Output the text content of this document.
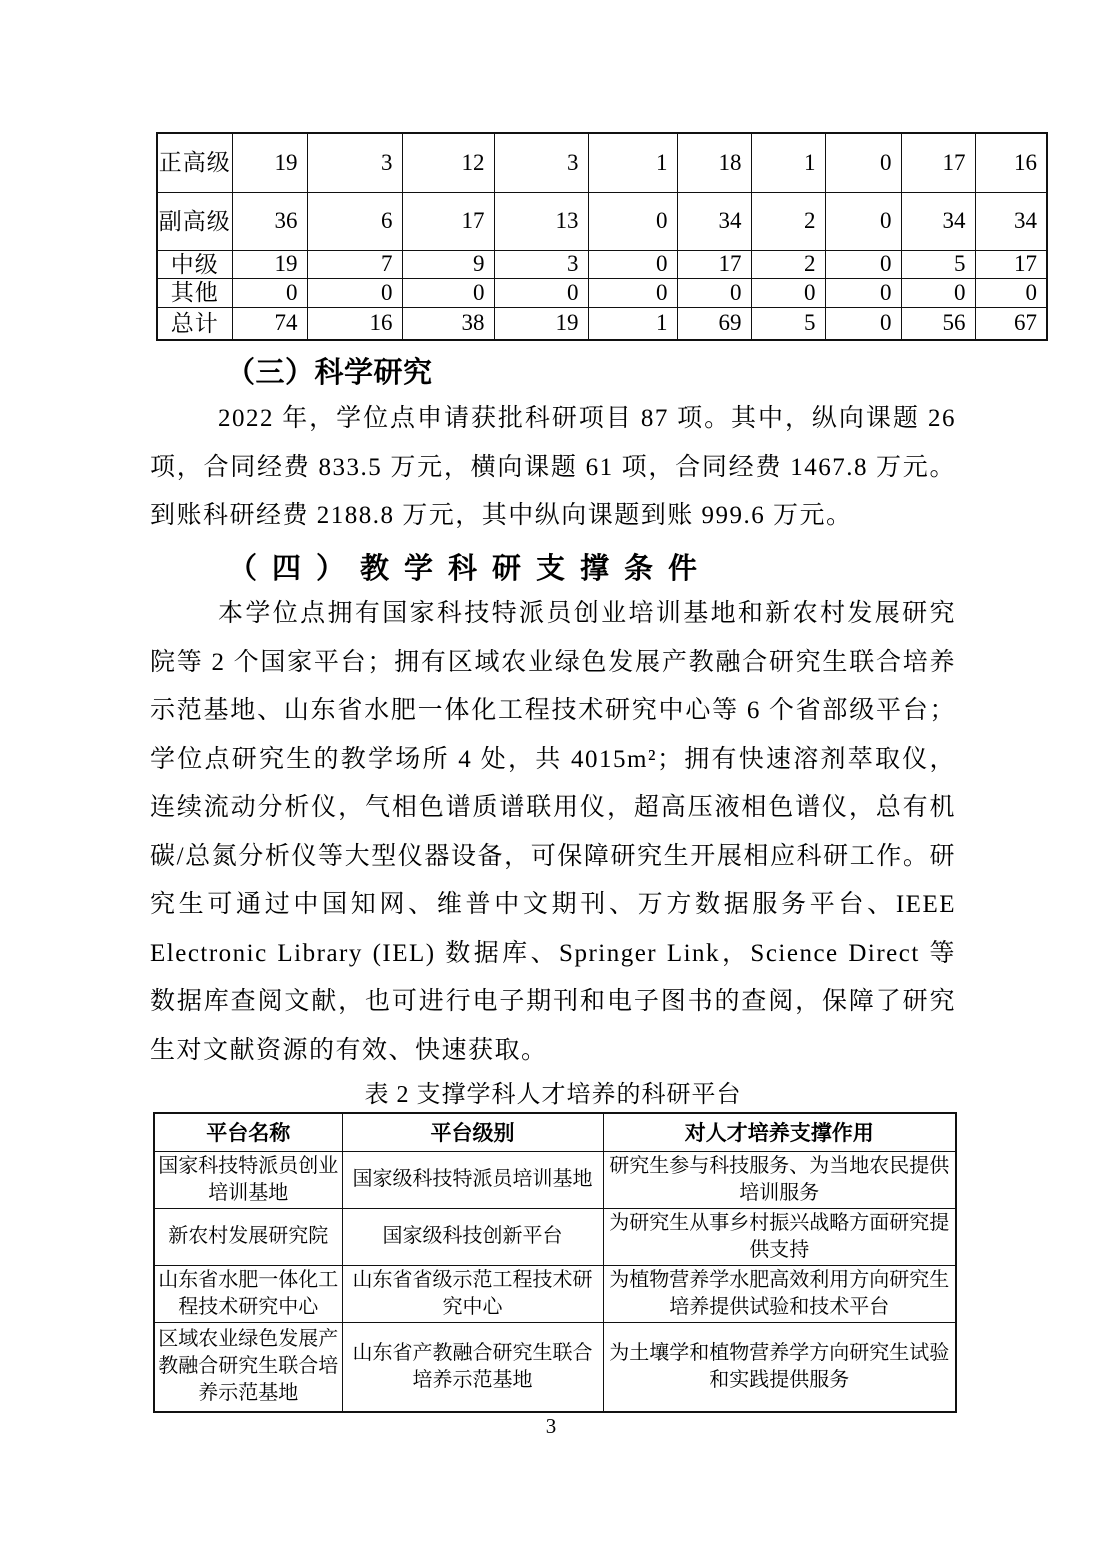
正高级	19	3	12	3	1	18	1	0	17	16
副高级	36	6	17	13	0	34	2	0	34	34
中级	19	7	9	3	0	17	2	0	5	17
其他	0	0	0	0	0	0	0	0	0	0
总计	74	16	38	19	1	69	5	0	56	67
（三）科学研究

2022 年，学位点申请获批科研项目 87 项。其中，纵向课题 26 项，合同经费 833.5 万元，横向课题 61 项，合同经费 1467.8 万元。到账科研经费 2188.8 万元，其中纵向课题到账 999.6 万元。

（四）教学科研支撑条件

本学位点拥有国家科技特派员创业培训基地和新农村发展研究院等 2 个国家平台；拥有区域农业绿色发展产教融合研究生联合培养示范基地、山东省水肥一体化工程技术研究中心等 6 个省部级平台；学位点研究生的教学场所 4 处，共 4015m²；拥有快速溶剂萃取仪，连续流动分析仪，气相色谱质谱联用仪，超高压液相色谱仪，总有机碳/总氮分析仪等大型仪器设备，可保障研究生开展相应科研工作。研究生可通过中国知网、维普中文期刊、万方数据服务平台、IEEE Electronic Library (IEL) 数据库、Springer Link，Science Direct 等数据库查阅文献，也可进行电子期刊和电子图书的查阅，保障了研究生对文献资源的有效、快速获取。

表 2 支撑学科人才培养的科研平台
平台名称	平台级别	对人才培养支撑作用
国家科技特派员创业培训基地	国家级科技特派员培训基地	研究生参与科技服务、为当地农民提供培训服务
新农村发展研究院	国家级科技创新平台	为研究生从事乡村振兴战略方面研究提供支持
山东省水肥一体化工程技术研究中心	山东省省级示范工程技术研究中心	为植物营养学水肥高效利用方向研究生培养提供试验和技术平台
区域农业绿色发展产教融合研究生联合培养示范基地	山东省产教融合研究生联合培养示范基地	为土壤学和植物营养学方向研究生试验和实践提供服务
3
